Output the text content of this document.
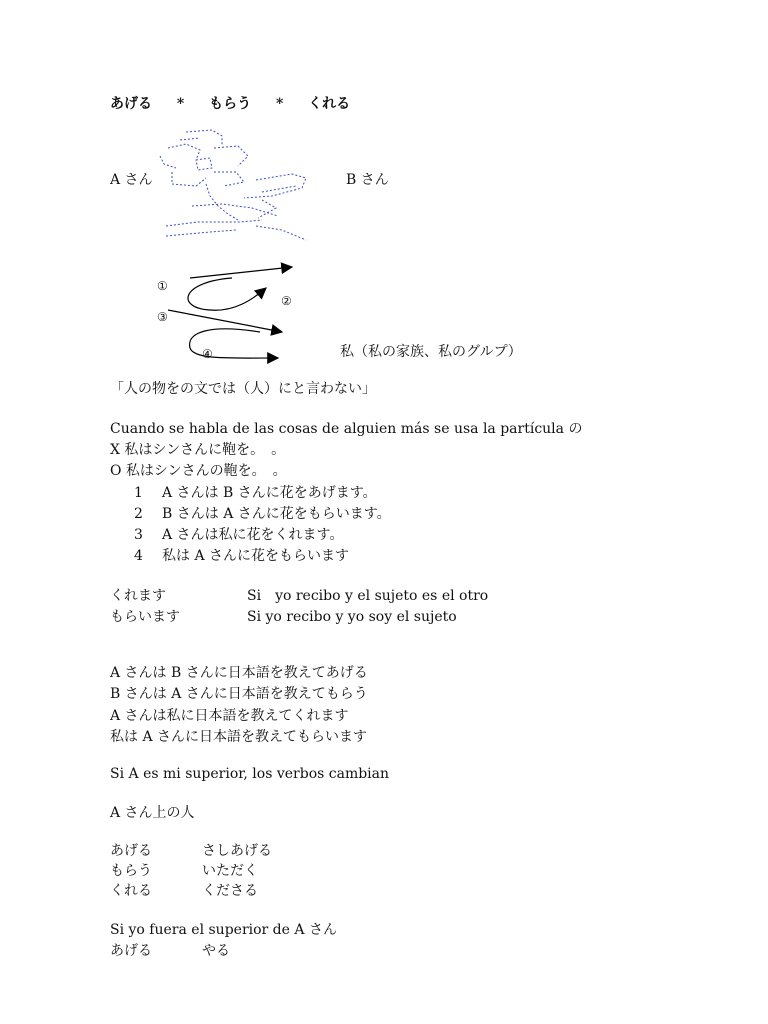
あげる * もらう * くれる
A さん	B さん
①
②
③
④	私（私の家族、私のグルプ）
「人の物をの文では（人）にと言わない」
Cuando se habla de las cosas de alguien más se usa la partícula の
X 私はシンさんに鞄を。　。
O 私はシンさんの鞄を。　。
1 A さんは B さんに花をあげます。
2 B さんは A さんに花をもらいます。
3 A さんは私に花をくれます。
4 私は A さんに花をもらいます
くれます	Si　yo recibo y el sujeto es el otro
もらいます	Si yo recibo y yo soy el sujeto
A さんは B さんに日本語を教えてあげる
B さんは A さんに日本語を教えてもらう
A さんは私に日本語を教えてくれます
私は A さんに日本語を教えてもらいます
Si A es mi superior, los verbos cambian
A さん上の人
あげる	さしあげる
もらう	いただく
くれる	くださる
Si yo fuera el superior de A さん
あげる	やる
